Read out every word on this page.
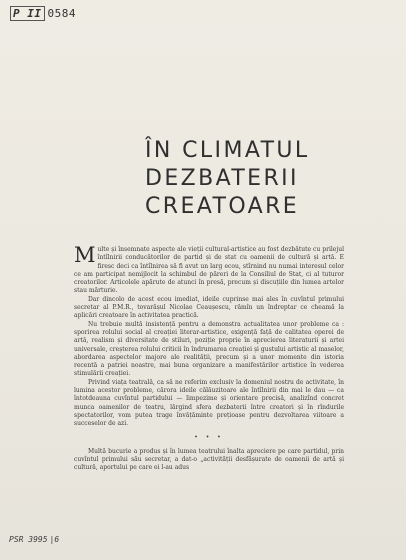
P II 0584
ÎN CLIMATUL
DEZBATERII
CREATOARE

Multe și însemnate aspecte ale vieții cultural-artistice au fost dezbătute cu prilejul întîlnirii conducătorilor de partid și de stat cu oamenii de cultură și artă. E firesc deci ca întîlnirea să fi avut un larg ecou, stîrnind nu numai interesul celor ce am participat nemijlocit la schimbul de păreri de la Consiliul de Stat, ci al tuturor creatorilor. Articolele apărute de atunci în presă, precum și discuțiile din lumea artelor stau mărturie.

Dar dincolo de acest ecou imediat, ideile cuprinse mai ales în cuvîntul primului secretar al P.M.R., tovarășul Nicolae Ceaușescu, rămîn un îndreptar ce cheamă la aplicări creatoare în activitatea practică.

Nu trebuie multă insistență pentru a demonstra actualitatea unor probleme ca : sporirea rolului social al creației literar-artistice, exigență față de calitatea operei de artă, realism și diversitate de stiluri, poziție proprie în aprecierea literaturii și artei universale, creșterea rolului criticii în îndrumarea creației și gustului artistic al maselor, abordarea aspectelor majore ale realității, precum și a unor momente din istoria recentă a patriei noastre, mai buna organizare a manifestărilor artistice în vederea stimulării creației.

Privind viața teatrală, ca să ne referim exclusiv la domeniul nostru de activitate, în lumina acestor probleme, cărora ideile călăuzitoare ale întîlnirii din mai le dau — ca întotdeauna cuvîntul partidului — limpezime și orientare precisă, analizînd concret munca oamenilor de teatru, lărgind sfera dezbaterii între creatori și în rîndurile spectatorilor, vom putea trage învățăminte prețioase pentru dezvoltarea viitoare a succeselor de azi.

• • •

Multă bucurie a produs și în lumea teatrului înalta apreciere pe care partidul, prin cuvîntul primului său secretar, a dat-o „activității desfășurate de oamenii de artă și cultură, aportului pe care ei l-au adus

PSR 3995 |6
